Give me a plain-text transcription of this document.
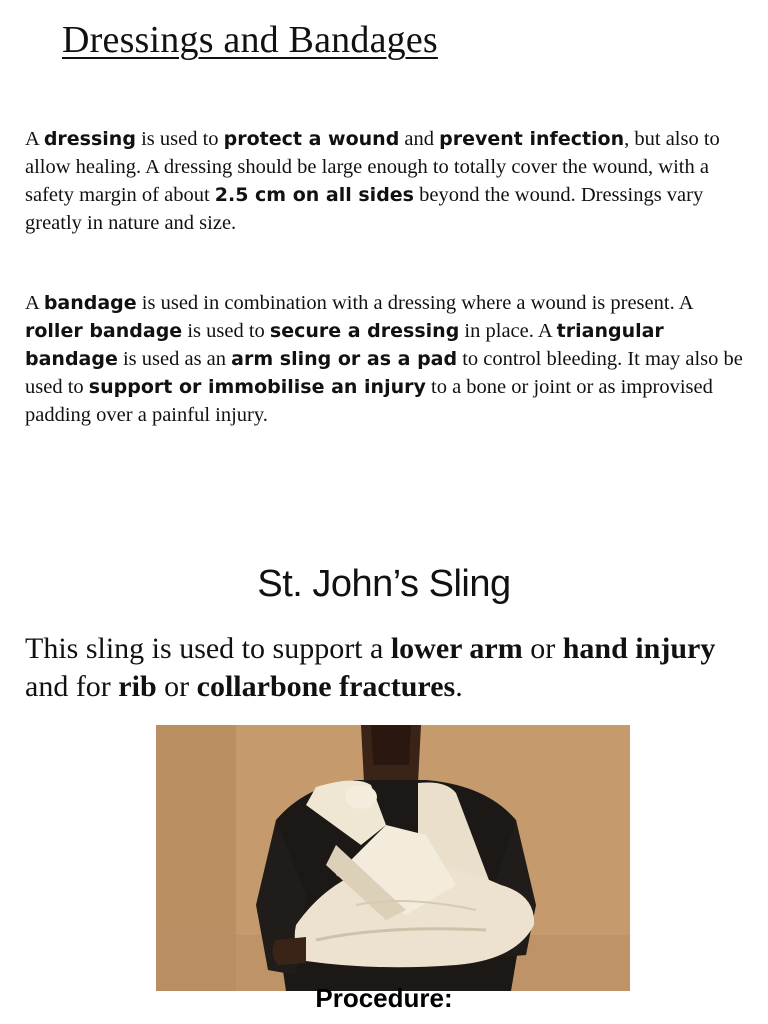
Dressings and Bandages

A dressing is used to protect a wound and prevent infection, but also to allow healing. A dressing should be large enough to totally cover the wound, with a safety margin of about 2.5 cm on all sides beyond the wound. Dressings vary greatly in nature and size.

A bandage is used in combination with a dressing where a wound is present. A roller bandage is used to secure a dressing in place. A triangular bandage is used as an arm sling or as a pad to control bleeding. It may also be used to support or immobilise an injury to a bone or joint or as improvised padding over a painful injury.

St. John’s Sling

This sling is used to support a lower arm or hand injury and for rib or collarbone fractures.

Procedure:
